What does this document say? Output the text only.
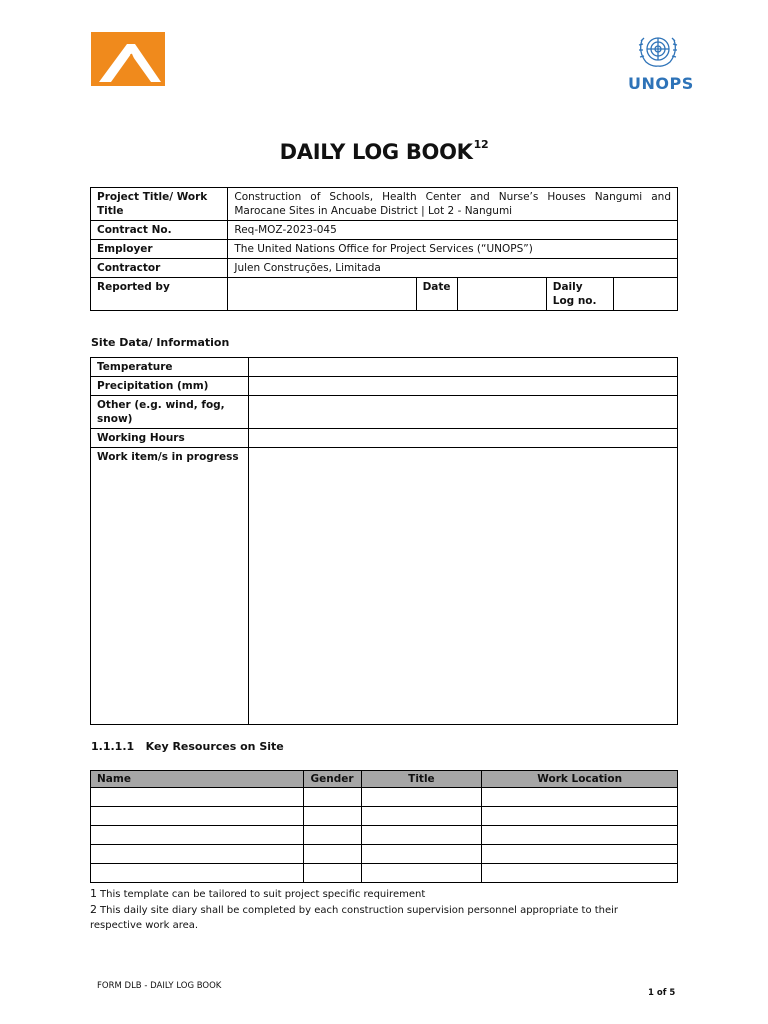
UNOPS
DAILY LOG BOOK$^{12}$
Project Title/ Work Title	Construction of Schools, Health Center and Nurse’s Houses Nangumi and Marocane Sites in Ancuabe District | Lot 2 - Nangumi				
Contract No.	Req-MOZ-2023-045				
Employer	The United Nations Office for Project Services (“UNOPS”)				
Contractor	Julen Construções, Limitada				
Reported by		Date		Daily Log no.	
Site Data/ Information
Temperature	
Precipitation (mm)	
Other (e.g. wind, fog, snow)	
Working Hours	
Work item/s in progress	
1.1.1.1 Key Resources on Site
Name	Gender	Title	Work Location

1 This template can be tailored to suit project specific requirement
2 This daily site diary shall be completed by each construction supervision personnel appropriate to their respective work area.
FORM DLB - DAILY LOG BOOK
1 of 5
